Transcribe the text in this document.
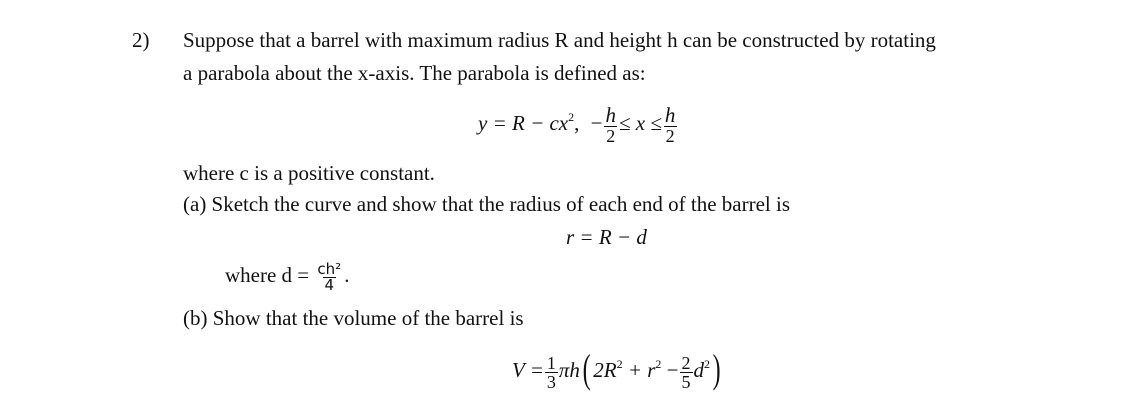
2) Suppose that a barrel with maximum radius R and height h can be constructed by rotating
a parabola about the x-axis. The parabola is defined as:
$y = R - cx^2$, − $\frac{h}{2} \le x \le \frac{h}{2}$
where c is a positive constant.
(a) Sketch the curve and show that the radius of each end of the barrel is
r = R − d
where $d = \frac{\text{ch²}}{4}$ .
(b) Show that the volume of the barrel is
$V = \frac{1}{3} \pi h$( $2R^2 + r^2 - \frac{2}{5} d^2$)
